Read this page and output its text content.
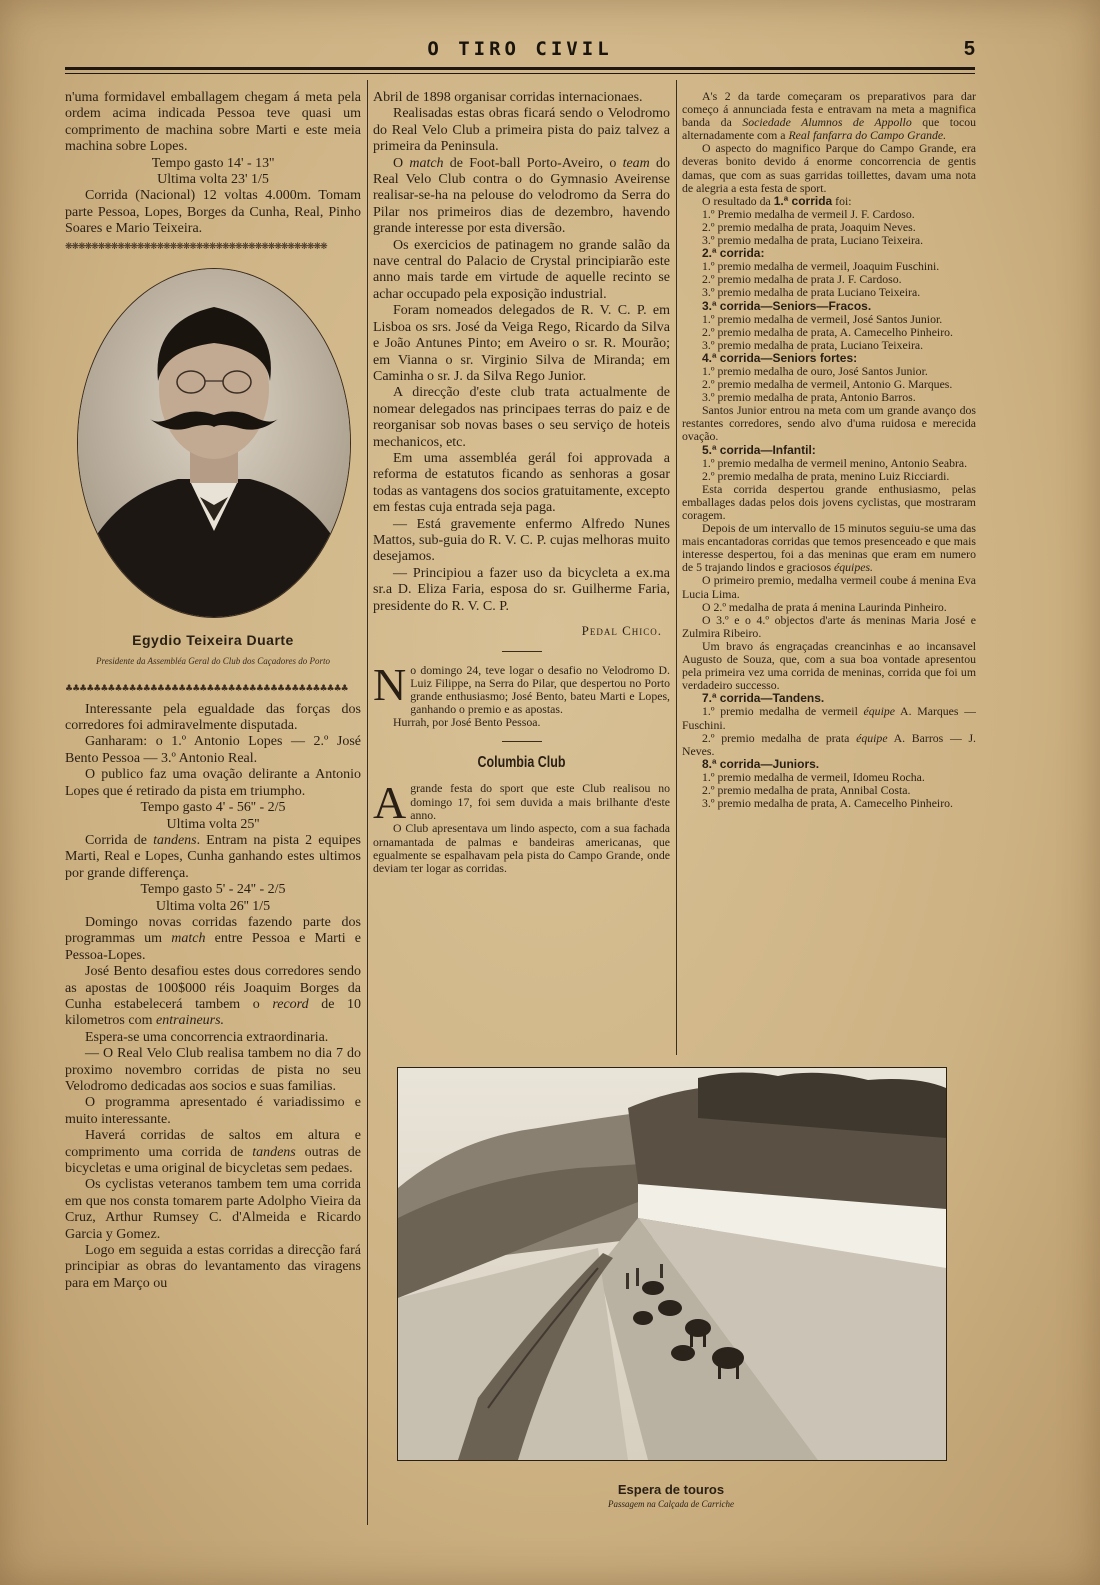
O TIRO CIVIL	5

n'uma formidavel emballagem chegam á meta pela ordem acima indicada Pessoa teve quasi um comprimento de machina sobre Marti e este meia machina sobre Lopes.

Tempo gasto 14' - 13''

Ultima volta 23' 1/5

Corrida (Nacional) 12 voltas 4.000m. Tomam parte Pessoa, Lopes, Borges da Cunha, Real, Pinho Soares e Mario Teixeira.

❋❋❋❋❋❋❋❋❋❋❋❋❋❋❋❋❋❋❋❋❋❋❋❋❋❋❋❋❋❋❋❋❋❋❋❋❋❋❋❋
Egydio Teixeira Duarte
Presidente da Assembléa Geral do Club dos Caçadores do Porto
♣♣♣♣♣♣♣♣♣♣♣♣♣♣♣♣♣♣♣♣♣♣♣♣♣♣♣♣♣♣♣♣♣♣♣♣♣♣♣♣

Interessante pela egualdade das forças dos corredores foi admiravelmente disputada.

Ganharam: o 1.º Antonio Lopes — 2.º José Bento Pessoa — 3.º Antonio Real.

O publico faz uma ovação delirante a Antonio Lopes que é retirado da pista em triumpho.

Tempo gasto 4' - 56'' - 2/5

Ultima volta 25''

Corrida de tandens. Entram na pista 2 equipes Marti, Real e Lopes, Cunha ganhando estes ultimos por grande differença.

Tempo gasto 5' - 24'' - 2/5

Ultima volta 26'' 1/5

Domingo novas corridas fazendo parte dos programmas um match entre Pessoa e Marti e Pessoa-Lopes.

José Bento desafiou estes dous corredores sendo as apostas de 100$000 réis Joaquim Borges da Cunha estabelecerá tambem o record de 10 kilometros com entraineurs.

Espera-se uma concorrencia extraordinaria.

— O Real Velo Club realisa tambem no dia 7 do proximo novembro corridas de pista no seu Velodromo dedicadas aos socios e suas familias.

O programma apresentado é variadissimo e muito interessante.

Haverá corridas de saltos em altura e comprimento uma corrida de tandens outras de bicycletas e uma original de bicycletas sem pedaes.

Os cyclistas veteranos tambem tem uma corrida em que nos consta tomarem parte Adolpho Vieira da Cruz, Arthur Rumsey C. d'Almeida e Ricardo Garcia y Gomez.

Logo em seguida a estas corridas a direcção fará principiar as obras do levantamento das viragens para em Março ou

Abril de 1898 organisar corridas internacionaes.

Realisadas estas obras ficará sendo o Velodromo do Real Velo Club a primeira pista do paiz talvez a primeira da Peninsula.

O match de Foot-ball Porto-Aveiro, o team do Real Velo Club contra o do Gymnasio Aveirense realisar-se-ha na pelouse do velodromo da Serra do Pilar nos primeiros dias de dezembro, havendo grande interesse por esta diversão.

Os exercicios de patinagem no grande salão da nave central do Palacio de Crystal principiarão este anno mais tarde em virtude de aquelle recinto se achar occupado pela exposição industrial.

Foram nomeados delegados de R. V. C. P. em Lisboa os srs. José da Veiga Rego, Ricardo da Silva e João Antunes Pinto; em Aveiro o sr. R. Mourão; em Vianna o sr. Virginio Silva de Miranda; em Caminha o sr. J. da Silva Rego Junior.

A direcção d'este club trata actualmente de nomear delegados nas principaes terras do paiz e de reorganisar sob novas bases o seu serviço de hoteis mechanicos, etc.

Em uma assembléa gerál foi approvada a reforma de estatutos ficando as senhoras a gosar todas as vantagens dos socios gratuitamente, excepto em festas cuja entrada seja paga.

— Está gravemente enfermo Alfredo Nunes Mattos, sub-guia do R. V. C. P. cujas melhoras muito desejamos.

— Principiou a fazer uso da bicycleta a ex.ma sr.a D. Eliza Faria, esposa do sr. Guilherme Faria, presidente do R. V. C. P.

Pedal Chico.
N o domingo 24, teve logar o desafio no Velodromo D. Luiz Filippe, na Serra do Pilar, que despertou no Porto grande enthusiasmo; José Bento, bateu Marti e Lopes, ganhando o premio e as apostas.

Hurrah, por José Bento Pessoa.

Columbia Club
A grande festa do sport que este Club realisou no domingo 17, foi sem duvida a mais brilhante d'este anno.

O Club apresentava um lindo aspecto, com a sua fachada ornamantada de palmas e bandeiras americanas, que egualmente se espalhavam pela pista do Campo Grande, onde deviam ter logar as corridas.

A's 2 da tarde começaram os preparativos para dar começo á annunciada festa e entravam na meta a magnifica banda da Sociedade Alumnos de Appollo que tocou alternadamente com a Real fanfarra do Campo Grande.

O aspecto do magnifico Parque do Campo Grande, era deveras bonito devido á enorme concorrencia de gentis damas, que com as suas garridas toillettes, davam uma nota de alegria a esta festa de sport.

O resultado da 1.ª corrida foi:

1.º Premio medalha de vermeil J. F. Cardoso.

2.º premio medalha de prata, Joaquim Neves.

3.º premio medalha de prata, Luciano Teixeira.

2.ª corrida:

1.º premio medalha de vermeil, Joaquim Fuschini.

2.º premio medalha de prata J. F. Cardoso.

3.º premio medalha de prata Luciano Teixeira.

3.ª corrida—Seniors—Fracos.

1.º premio medalha de vermeil, José Santos Junior.

2.º premio medalha de prata, A. Camecelho Pinheiro.

3.º premio medalha de prata, Luciano Teixeira.

4.ª corrida—Seniors fortes:

1.º premio medalha de ouro, José Santos Junior.

2.º premio medalha de vermeil, Antonio G. Marques.

3.º premio medalha de prata, Antonio Barros.

Santos Junior entrou na meta com um grande avanço dos restantes corredores, sendo alvo d'uma ruidosa e merecida ovação.

5.ª corrida—Infantil:

1.º premio medalha de vermeil menino, Antonio Seabra.

2.º premio medalha de prata, menino Luiz Ricciardi.

Esta corrida despertou grande enthusiasmo, pelas emballages dadas pelos dois jovens cyclistas, que mostraram coragem.

Depois de um intervallo de 15 minutos seguiu-se uma das mais encantadoras corridas que temos presenceado e que mais interesse despertou, foi a das meninas que eram em numero de 5 trajando lindos e graciosos équipes.

O primeiro premio, medalha vermeil coube á menina Eva Lucia Lima.

O 2.º medalha de prata á menina Laurinda Pinheiro.

O 3.º e o 4.º objectos d'arte ás meninas Maria José e Zulmira Ribeiro.

Um bravo ás engraçadas creancinhas e ao incansavel Augusto de Souza, que, com a sua boa vontade apresentou pela primeira vez uma corrida de meninas, corrida que foi um verdadeiro successo.

7.ª corrida—Tandens.

1.º premio medalha de vermeil équipe A. Marques — Fuschini.

2.º premio medalha de prata équipe A. Barros — J. Neves.

8.ª corrida—Juniors.

1.º premio medalha de vermeil, Idomeu Rocha.

2.º premio medalha de prata, Annibal Costa.

3.º premio medalha de prata, A. Camecelho Pinheiro.

Espera de touros
Passagem na Calçada de Carriche
